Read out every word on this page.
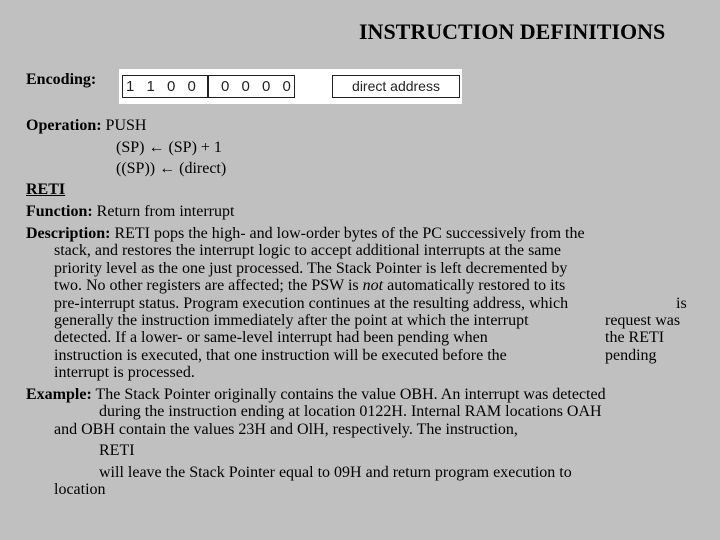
INSTRUCTION DEFINITIONS
Encoding: 1 1 0 0	0 0 0 0	direct address
Operation: PUSH
(SP) ← (SP) + 1
((SP)) ← (direct)
RETI
Function: Return from interrupt
Description: RETI pops the high- and low-order bytes of the PC successively from the
stack, and restores the interrupt logic to accept additional interrupts at the same
priority level as the one just processed. The Stack Pointer is left decremented by
two. No other registers are affected; the PSW is not automatically restored to its
pre-interrupt status. Program execution continues at the resulting address, which	is
generally the instruction immediately after the point at which the interrupt	request was
detected. If a lower- or same-level interrupt had been pending when	the RETI
instruction is executed, that one instruction will be executed before the	pending
interrupt is processed.
Example: The Stack Pointer originally contains the value OBH. An interrupt was detected
during the instruction ending at location 0122H. Internal RAM locations OAH
and OBH contain the values 23H and OlH, respectively. The instruction,
RETI
will leave the Stack Pointer equal to 09H and return program execution to
location
